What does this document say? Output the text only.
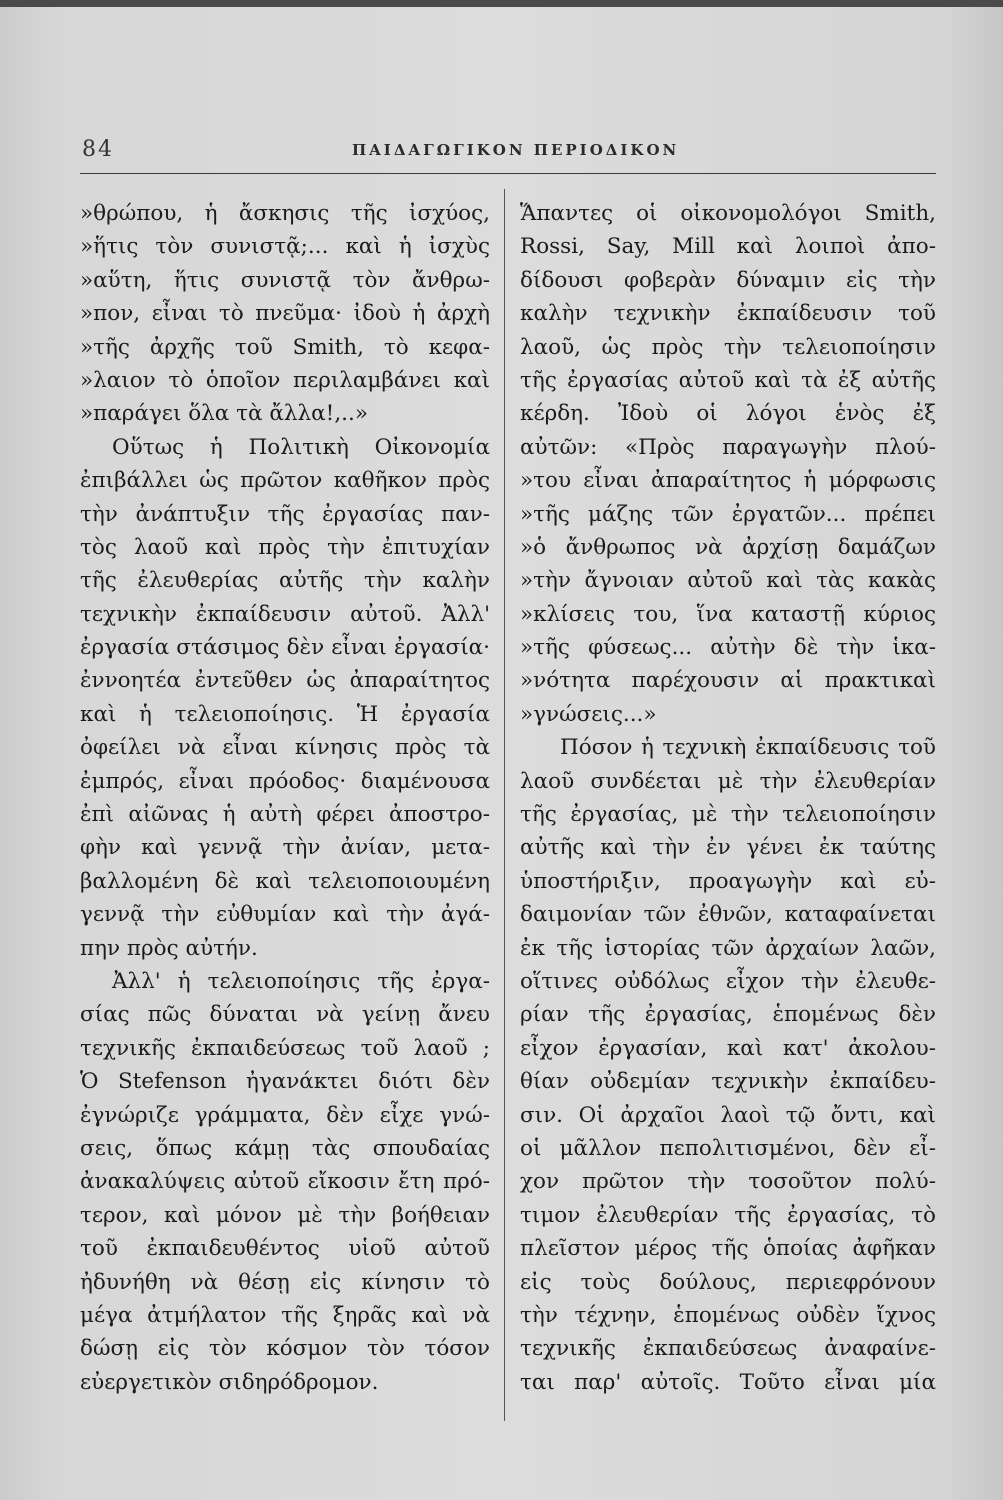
84	ΠΑΙΔΑΓΩΓΙΚΟΝ ΠΕΡΙΟΔΙΚΟΝ
»θρώπου, ἡ ἄσκησις τῆς ἰσχύος,
»ἥτις τὸν συνιστᾷ;... καὶ ἡ ἰσχὺς
»αὕτη, ἥτις συνιστᾷ τὸν ἄνθρω-
»πον, εἶναι τὸ πνεῦμα· ἰδοὺ ἡ ἀρχὴ
»τῆς ἀρχῆς τοῦ Smith, τὸ κεφα-
»λαιον τὸ ὁποῖον περιλαμβάνει καὶ
»παράγει ὅλα τὰ ἄλλα!,..»
Οὕτως ἡ Πολιτικὴ Οἰκονομία
ἐπιβάλλει ὡς πρῶτον καθῆκον πρὸς
τὴν ἀνάπτυξιν τῆς ἐργασίας παν-
τὸς λαοῦ καὶ πρὸς τὴν ἐπιτυχίαν
τῆς ἐλευθερίας αὐτῆς τὴν καλὴν
τεχνικὴν ἐκπαίδευσιν αὐτοῦ. Ἀλλ'
ἐργασία στάσιμος δὲν εἶναι ἐργασία·
ἐννοητέα ἐντεῦθεν ὡς ἀπαραίτητος
καὶ ἡ τελειοποίησις. Ἡ ἐργασία
ὀφείλει νὰ εἶναι κίνησις πρὸς τὰ
ἐμπρός, εἶναι πρόοδος· διαμένουσα
ἐπὶ αἰῶνας ἡ αὐτὴ φέρει ἀποστρο-
φὴν καὶ γεννᾷ τὴν ἀνίαν, μετα-
βαλλομένη δὲ καὶ τελειοποιουμένη
γεννᾷ τὴν εὐθυμίαν καὶ τὴν ἀγά-
πην πρὸς αὐτήν.
Ἀλλ' ἡ τελειοποίησις τῆς ἐργα-
σίας πῶς δύναται νὰ γείνῃ ἄνευ
τεχνικῆς ἐκπαιδεύσεως τοῦ λαοῦ ;
Ὁ Stefenson ἠγανάκτει διότι δὲν
ἐγνώριζε γράμματα, δὲν εἶχε γνώ-
σεις, ὅπως κάμῃ τὰς σπουδαίας
ἀνακαλύψεις αὐτοῦ εἴκοσιν ἔτη πρό-
τερον, καὶ μόνον μὲ τὴν βοήθειαν
τοῦ ἐκπαιδευθέντος υἱοῦ αὐτοῦ
ἠδυνήθη νὰ θέσῃ εἰς κίνησιν τὸ
μέγα ἀτμήλατον τῆς ξηρᾶς καὶ νὰ
δώσῃ εἰς τὸν κόσμον τὸν τόσον
εὐεργετικὸν σιδηρόδρομον.
Ἅπαντες οἱ οἰκονομολόγοι Smith,
Rossi, Say, Mill καὶ λοιποὶ ἀπο-
δίδουσι φοβερὰν δύναμιν εἰς τὴν
καλὴν τεχνικὴν ἐκπαίδευσιν τοῦ
λαοῦ, ὡς πρὸς τὴν τελειοποίησιν
τῆς ἐργασίας αὐτοῦ καὶ τὰ ἐξ αὐτῆς
κέρδη. Ἰδοὺ οἱ λόγοι ἑνὸς ἐξ
αὐτῶν: «Πρὸς παραγωγὴν πλού-
»του εἶναι ἀπαραίτητος ἡ μόρφωσις
»τῆς μάζης τῶν ἐργατῶν... πρέπει
»ὁ ἄνθρωπος νὰ ἀρχίσῃ δαμάζων
»τὴν ἄγνοιαν αὐτοῦ καὶ τὰς κακὰς
»κλίσεις του, ἵνα καταστῇ κύριος
»τῆς φύσεως... αὐτὴν δὲ τὴν ἱκα-
»νότητα παρέχουσιν αἱ πρακτικαὶ
»γνώσεις...»
Πόσον ἡ τεχνικὴ ἐκπαίδευσις τοῦ
λαοῦ συνδέεται μὲ τὴν ἐλευθερίαν
τῆς ἐργασίας, μὲ τὴν τελειοποίησιν
αὐτῆς καὶ τὴν ἐν γένει ἐκ ταύτης
ὑποστήριξιν, προαγωγὴν καὶ εὐ-
δαιμονίαν τῶν ἐθνῶν, καταφαίνεται
ἐκ τῆς ἱστορίας τῶν ἀρχαίων λαῶν,
οἵτινες οὐδόλως εἶχον τὴν ἐλευθε-
ρίαν τῆς ἐργασίας, ἑπομένως δὲν
εἶχον ἐργασίαν, καὶ κατ' ἀκολου-
θίαν οὐδεμίαν τεχνικὴν ἐκπαίδευ-
σιν. Οἱ ἀρχαῖοι λαοὶ τῷ ὄντι, καὶ
οἱ μᾶλλον πεπολιτισμένοι, δὲν εἶ-
χον πρῶτον τὴν τοσοῦτον πολύ-
τιμον ἐλευθερίαν τῆς ἐργασίας, τὸ
πλεῖστον μέρος τῆς ὁποίας ἀφῆκαν
εἰς τοὺς δούλους, περιεφρόνουν
τὴν τέχνην, ἑπομένως οὐδὲν ἴχνος
τεχνικῆς ἐκπαιδεύσεως ἀναφαίνε-
ται παρ' αὐτοῖς. Τοῦτο εἶναι μία
